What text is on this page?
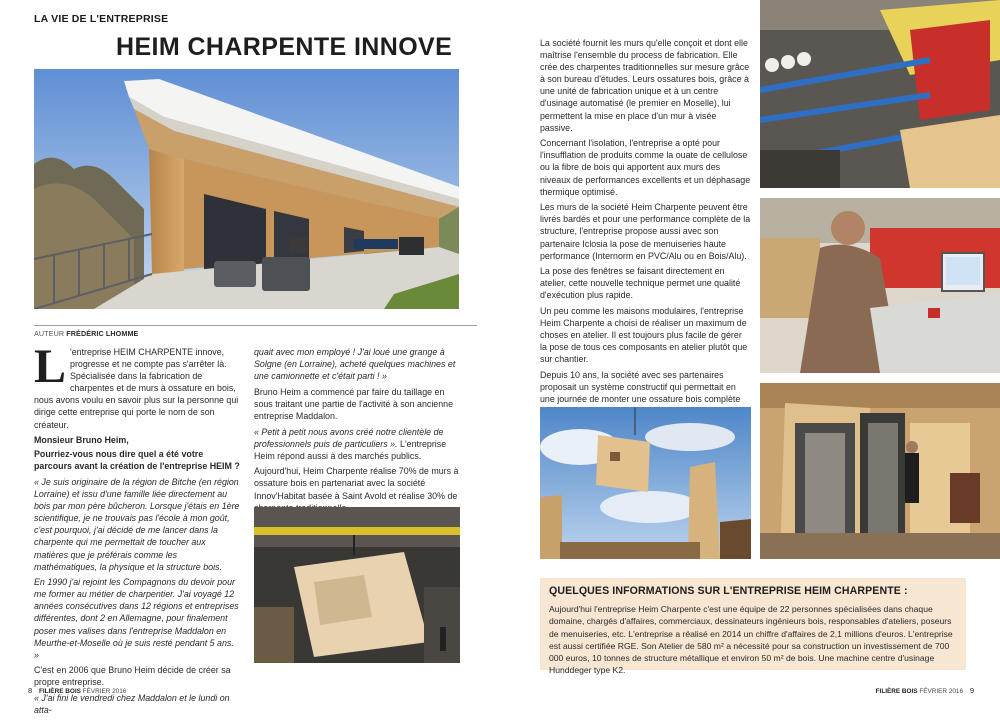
LA VIE DE L'ENTREPRISE
HEIM CHARPENTE INNOVE
AUTEUR FRÉDÉRIC LHOMME

L 'entreprise HEIM CHARPENTE innove, progresse et ne compte pas s'arrêter là. Spécialisée dans la fabrication de charpentes et de murs à ossature en bois, nous avons voulu en savoir plus sur la personne qui dirige cette entreprise qui porte le nom de son créateur.

Monsieur Bruno Heim,

Pourriez-vous nous dire quel a été votre parcours avant la création de l'entreprise HEIM ?

« Je suis originaire de la région de Bitche (en région Lorraine) et issu d'une famille liée directement au bois par mon père bûcheron. Lorsque j'étais en 1ère scientifique, je ne trouvais pas l'école à mon goût, c'est pourquoi, j'ai décidé de me lancer dans la charpente qui me permettait de toucher aux matières que je préférais comme les mathématiques, la physique et la structure bois.

En 1990 j'ai rejoint les Compagnons du devoir pour me former au métier de charpentier. J'ai voyagé 12 années consécutives dans 12 régions et entreprises différentes, dont 2 en Allemagne, pour finalement poser mes valises dans l'entreprise Maddalon en Meurthe-et-Moselle où je suis resté pendant 5 ans. »

C'est en 2006 que Bruno Heim décide de créer sa propre entreprise.

« J'ai fini le vendredi chez Maddalon et le lundi on atta-

quait avec mon employé ! J'ai loué une grange à Solgne (en Lorraine), acheté quelques machines et une camionnette et c'était parti ! »

Bruno Heim a commencé par faire du taillage en sous traitant une partie de l'activité à son ancienne entreprise Maddalon.

« Petit à petit nous avons créé notre clientèle de professionnels puis de particuliers ». L'entreprise Heim répond aussi à des marchés publics.

Aujourd'hui, Heim Charpente réalise 70% de murs à ossature bois en partenariat avec la société Innov'Habitat basée à Saint Avold et réalise 30% de

La société fournit les murs qu'elle conçoit et dont elle maîtrise l'ensemble du process de fabrication. Elle crée des charpentes traditionnelles sur mesure grâce à son bureau d'études. Leurs ossatures bois, grâce à une unité de fabrication unique et à un centre d'usinage automatisé (le premier en Moselle), lui permettent la mise en place d'un mur à visée passive.

Concernant l'isolation, l'entreprise a opté pour l'insufflation de produits comme la ouate de cellulose ou la fibre de bois qui apportent aux murs des niveaux de performances excellents et un déphasage thermique optimisé.

Les murs de la société Heim Charpente peuvent être livrés bardés et pour une performance complète de la structure, l'entreprise propose aussi avec son partenaire Iclosia la pose de menuiseries haute performance (Internorm en PVC/Alu ou en Bois/Alu).

La pose des fenêtres se faisant directement en atelier, cette nouvelle technique permet une qualité d'exécution plus rapide.

Un peu comme les maisons modulaires, l'entreprise Heim Charpente a choisi de réaliser un maximum de choses en atelier. Il est toujours plus facile de gérer la pose de tous ces composants en atelier plutôt que sur chantier.

Depuis 10 ans, la société avec ses partenaires proposait un système constructif qui permettait en une journée de monter une ossature bois complète

QUELQUES INFORMATIONS SUR L'ENTREPRISE HEIM CHARPENTE :
Aujourd'hui l'entreprise Heim Charpente c'est une équipe de 22 personnes spécialisées dans chaque domaine, chargés d'affaires, commerciaux, dessinateurs ingénieurs bois, responsables d'ateliers, poseurs de menuiseries, etc. L'entreprise a réalisé en 2014 un chiffre d'affaires de 2,1 millions d'euros. L'entreprise est aussi certifiée RGE. Son Atelier de 580 m² a nécessité pour sa construction un investissement de 700 000 euros, 10 tonnes de structure métallique et environ 50 m² de bois. Une machine centre d'usinage Hunddeger type K2.
8 FILIÈRE BOIS FÉVRIER 2016	FILIÈRE BOIS FÉVRIER 2016 9
